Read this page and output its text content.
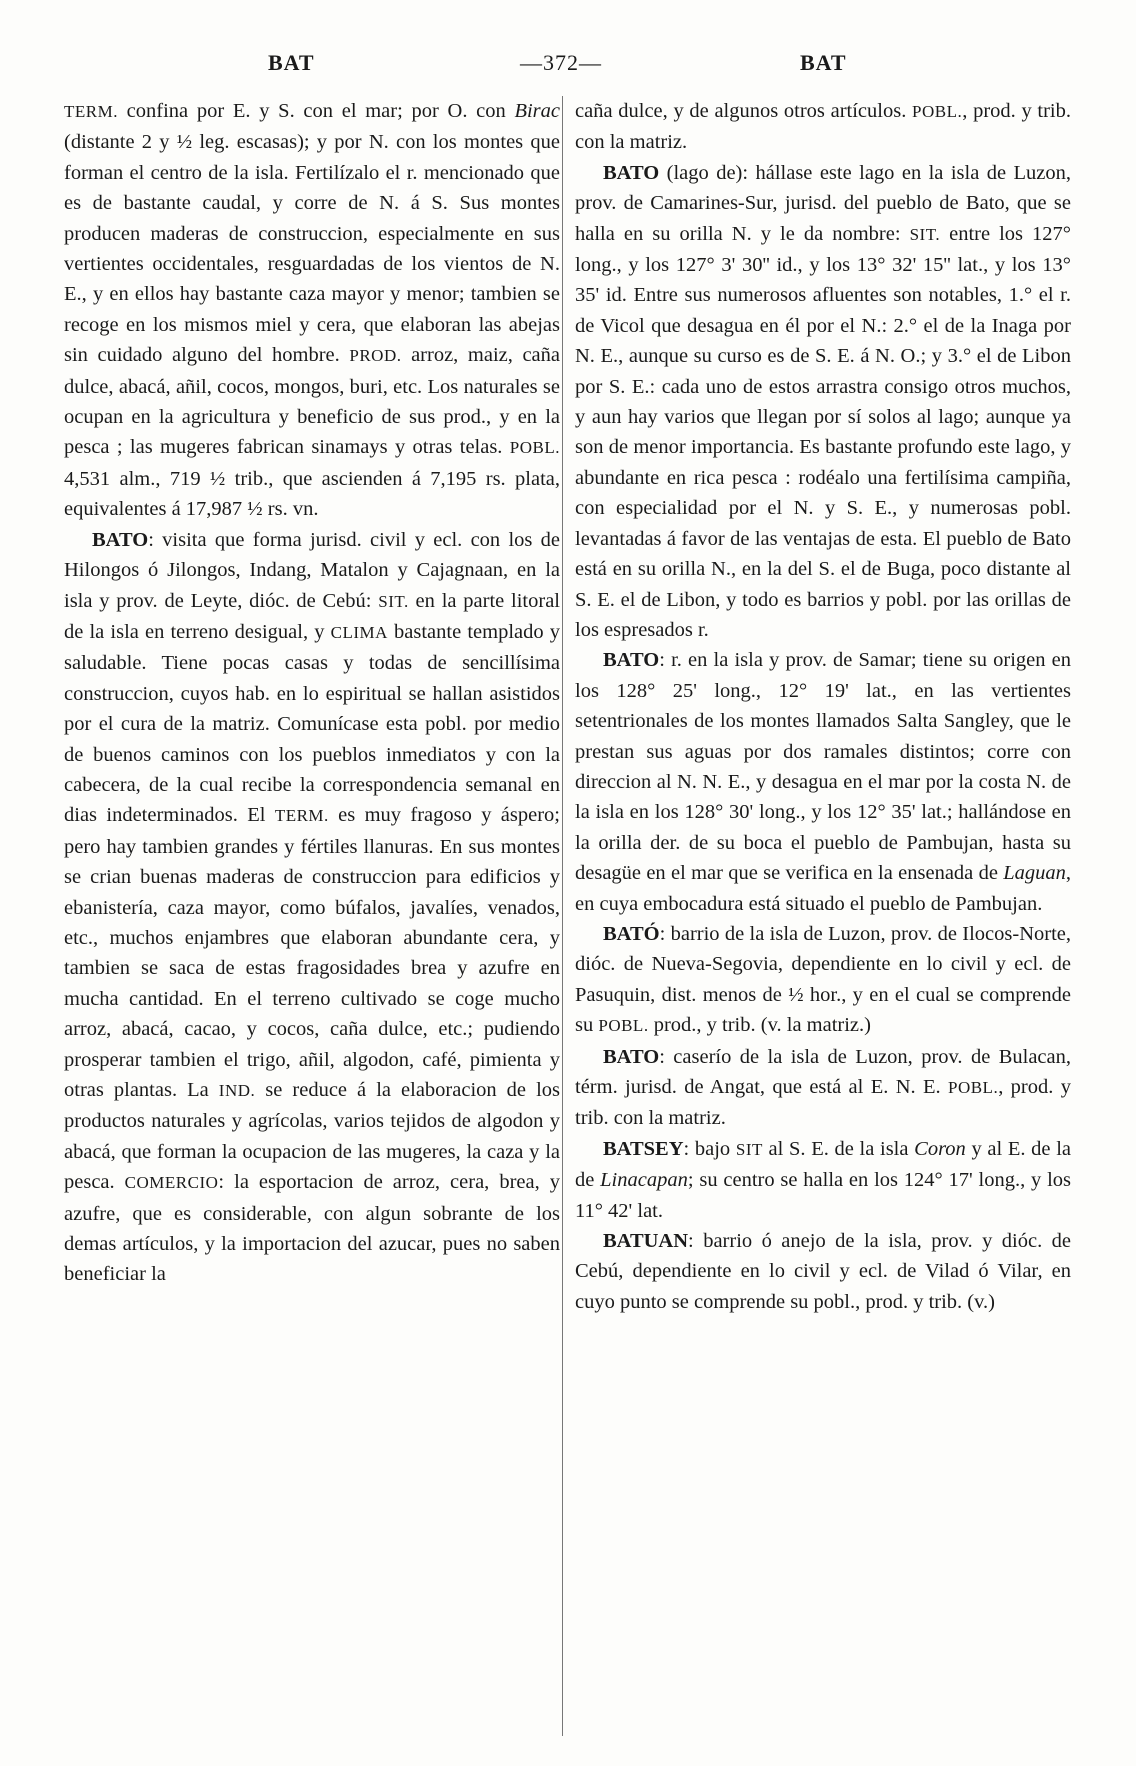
BAT	—372—	BAT

TERM. confina por E. y S. con el mar; por O. con Birac (distante 2 y ½ leg. escasas); y por N. con los montes que forman el centro de la isla. Fertilízalo el r. mencionado que es de bastante caudal, y corre de N. á S. Sus montes producen maderas de construccion, especialmente en sus vertientes occidentales, resguardadas de los vientos de N. E., y en ellos hay bastante caza mayor y menor; tambien se recoge en los mismos miel y cera, que elaboran las abejas sin cuidado alguno del hombre. PROD. arroz, maiz, caña dulce, abacá, añil, cocos, mongos, buri, etc. Los naturales se ocupan en la agricultura y beneficio de sus prod., y en la pesca ; las mugeres fabrican sinamays y otras telas. POBL. 4,531 alm., 719 ½ trib., que ascienden á 7,195 rs. plata, equivalentes á 17,987 ½ rs. vn.

BATO: visita que forma jurisd. civil y ecl. con los de Hilongos ó Jilongos, Indang, Matalon y Cajagnaan, en la isla y prov. de Leyte, dióc. de Cebú: SIT. en la parte litoral de la isla en terreno desigual, y CLIMA bastante templado y saludable. Tiene pocas casas y todas de sencillísima construccion, cuyos hab. en lo espiritual se hallan asistidos por el cura de la matriz. Comunícase esta pobl. por medio de buenos caminos con los pueblos inmediatos y con la cabecera, de la cual recibe la correspondencia semanal en dias indeterminados. El TERM. es muy fragoso y áspero; pero hay tambien grandes y fértiles llanuras. En sus montes se crian buenas maderas de construccion para edificios y ebanistería, caza mayor, como búfalos, javalíes, venados, etc., muchos enjambres que elaboran abundante cera, y tambien se saca de estas fragosidades brea y azufre en mucha cantidad. En el terreno cultivado se coge mucho arroz, abacá, cacao, y cocos, caña dulce, etc.; pudiendo prosperar tambien el trigo, añil, algodon, café, pimienta y otras plantas. La IND. se reduce á la elaboracion de los productos naturales y agrícolas, varios tejidos de algodon y abacá, que forman la ocupacion de las mugeres, la caza y la pesca. COMERCIO: la esportacion de arroz, cera, brea, y azufre, que es considerable, con algun sobrante de los demas artículos, y la importacion del azucar, pues no saben beneficiar la

caña dulce, y de algunos otros artículos. POBL., prod. y trib. con la matriz.

BATO (lago de): hállase este lago en la isla de Luzon, prov. de Camarines-Sur, jurisd. del pueblo de Bato, que se halla en su orilla N. y le da nombre: SIT. entre los 127° long., y los 127° 3' 30'' id., y los 13° 32' 15'' lat., y los 13° 35' id. Entre sus numerosos afluentes son notables, 1.° el r. de Vicol que desagua en él por el N.: 2.° el de la Inaga por N. E., aunque su curso es de S. E. á N. O.; y 3.° el de Libon por S. E.: cada uno de estos arrastra consigo otros muchos, y aun hay varios que llegan por sí solos al lago; aunque ya son de menor importancia. Es bastante profundo este lago, y abundante en rica pesca : rodéalo una fertilísima campiña, con especialidad por el N. y S. E., y numerosas pobl. levantadas á favor de las ventajas de esta. El pueblo de Bato está en su orilla N., en la del S. el de Buga, poco distante al S. E. el de Libon, y todo es barrios y pobl. por las orillas de los espresados r.

BATO: r. en la isla y prov. de Samar; tiene su origen en los 128° 25' long., 12° 19' lat., en las vertientes setentrionales de los montes llamados Salta Sangley, que le prestan sus aguas por dos ramales distintos; corre con direccion al N. N. E., y desagua en el mar por la costa N. de la isla en los 128° 30' long., y los 12° 35' lat.; hallándose en la orilla der. de su boca el pueblo de Pambujan, hasta su desagüe en el mar que se verifica en la ensenada de Laguan, en cuya embocadura está situado el pueblo de Pambujan.

BATÓ: barrio de la isla de Luzon, prov. de Ilocos-Norte, dióc. de Nueva-Segovia, dependiente en lo civil y ecl. de Pasuquin, dist. menos de ½ hor., y en el cual se comprende su POBL. prod., y trib. (v. la matriz.)

BATO: caserío de la isla de Luzon, prov. de Bulacan, térm. jurisd. de Angat, que está al E. N. E. POBL., prod. y trib. con la matriz.

BATSEY: bajo SIT al S. E. de la isla Coron y al E. de la de Linacapan; su centro se halla en los 124° 17' long., y los 11° 42' lat.

BATUAN: barrio ó anejo de la isla, prov. y dióc. de Cebú, dependiente en lo civil y ecl. de Vilad ó Vilar, en cuyo punto se comprende su pobl., prod. y trib. (v.)
